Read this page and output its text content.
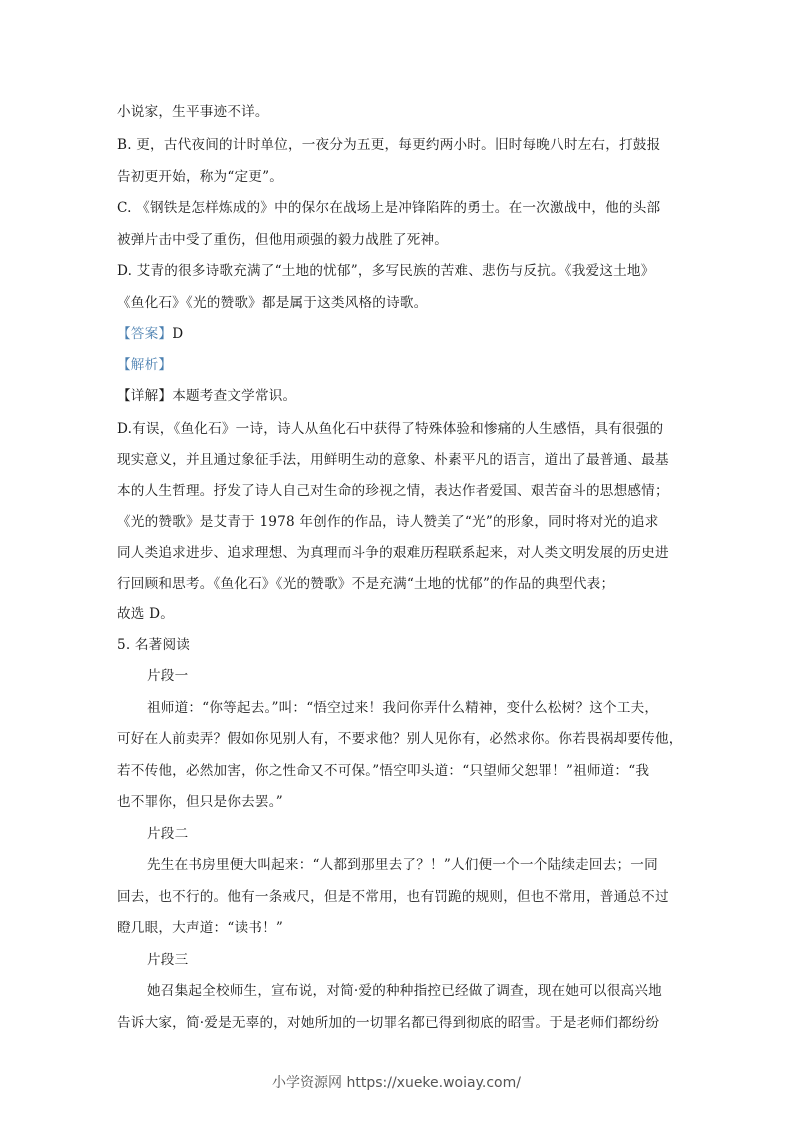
小说家，生平事迹不详。
B. 更，古代夜间的计时单位，一夜分为五更，每更约两小时。旧时每晚八时左右，打鼓报
告初更开始，称为“定更”。
C. 《钢铁是怎样炼成的》中的保尔在战场上是冲锋陷阵的勇士。在一次激战中，他的头部
被弹片击中受了重伤，但他用顽强的毅力战胜了死神。
D. 艾青的很多诗歌充满了“土地的忧郁”，多写民族的苦难、悲伤与反抗。《我爱这土地》
《鱼化石》《光的赞歌》都是属于这类风格的诗歌。
【答案】D
【解析】
【详解】本题考查文学常识。
D.有误，《鱼化石》一诗，诗人从鱼化石中获得了特殊体验和惨痛的人生感悟，具有很强的
现实意义，并且通过象征手法，用鲜明生动的意象、朴素平凡的语言，道出了最普通、最基
本的人生哲理。抒发了诗人自己对生命的珍视之情，表达作者爱国、艰苦奋斗的思想感情；
《光的赞歌》是艾青于 1978 年创作的作品，诗人赞美了“光”的形象，同时将对光的追求
同人类追求进步、追求理想、为真理而斗争的艰难历程联系起来，对人类文明发展的历史进
行回顾和思考。《鱼化石》《光的赞歌》不是充满“土地的忧郁”的作品的典型代表；
故选 D。
5. 名著阅读
片段一
祖师道：“你等起去。”叫：“悟空过来！我问你弄什么精神，变什么松树？这个工夫，
可好在人前卖弄？假如你见别人有，不要求他？别人见你有，必然求你。你若畏祸却要传他，
若不传他，必然加害，你之性命又不可保。”悟空叩头道：“只望师父恕罪！”祖师道：“我
也不罪你，但只是你去罢。”
片段二
先生在书房里便大叫起来：“人都到那里去了？！”人们便一个一个陆续走回去；一同
回去，也不行的。他有一条戒尺，但是不常用，也有罚跪的规则，但也不常用，普通总不过
瞪几眼，大声道：“读书！”
片段三
她召集起全校师生，宣布说，对简·爱的种种指控已经做了调查，现在她可以很高兴地
告诉大家，简·爱是无辜的，对她所加的一切罪名都已得到彻底的昭雪。于是老师们都纷纷
小学资源网 https://xueke.woiay.com/
